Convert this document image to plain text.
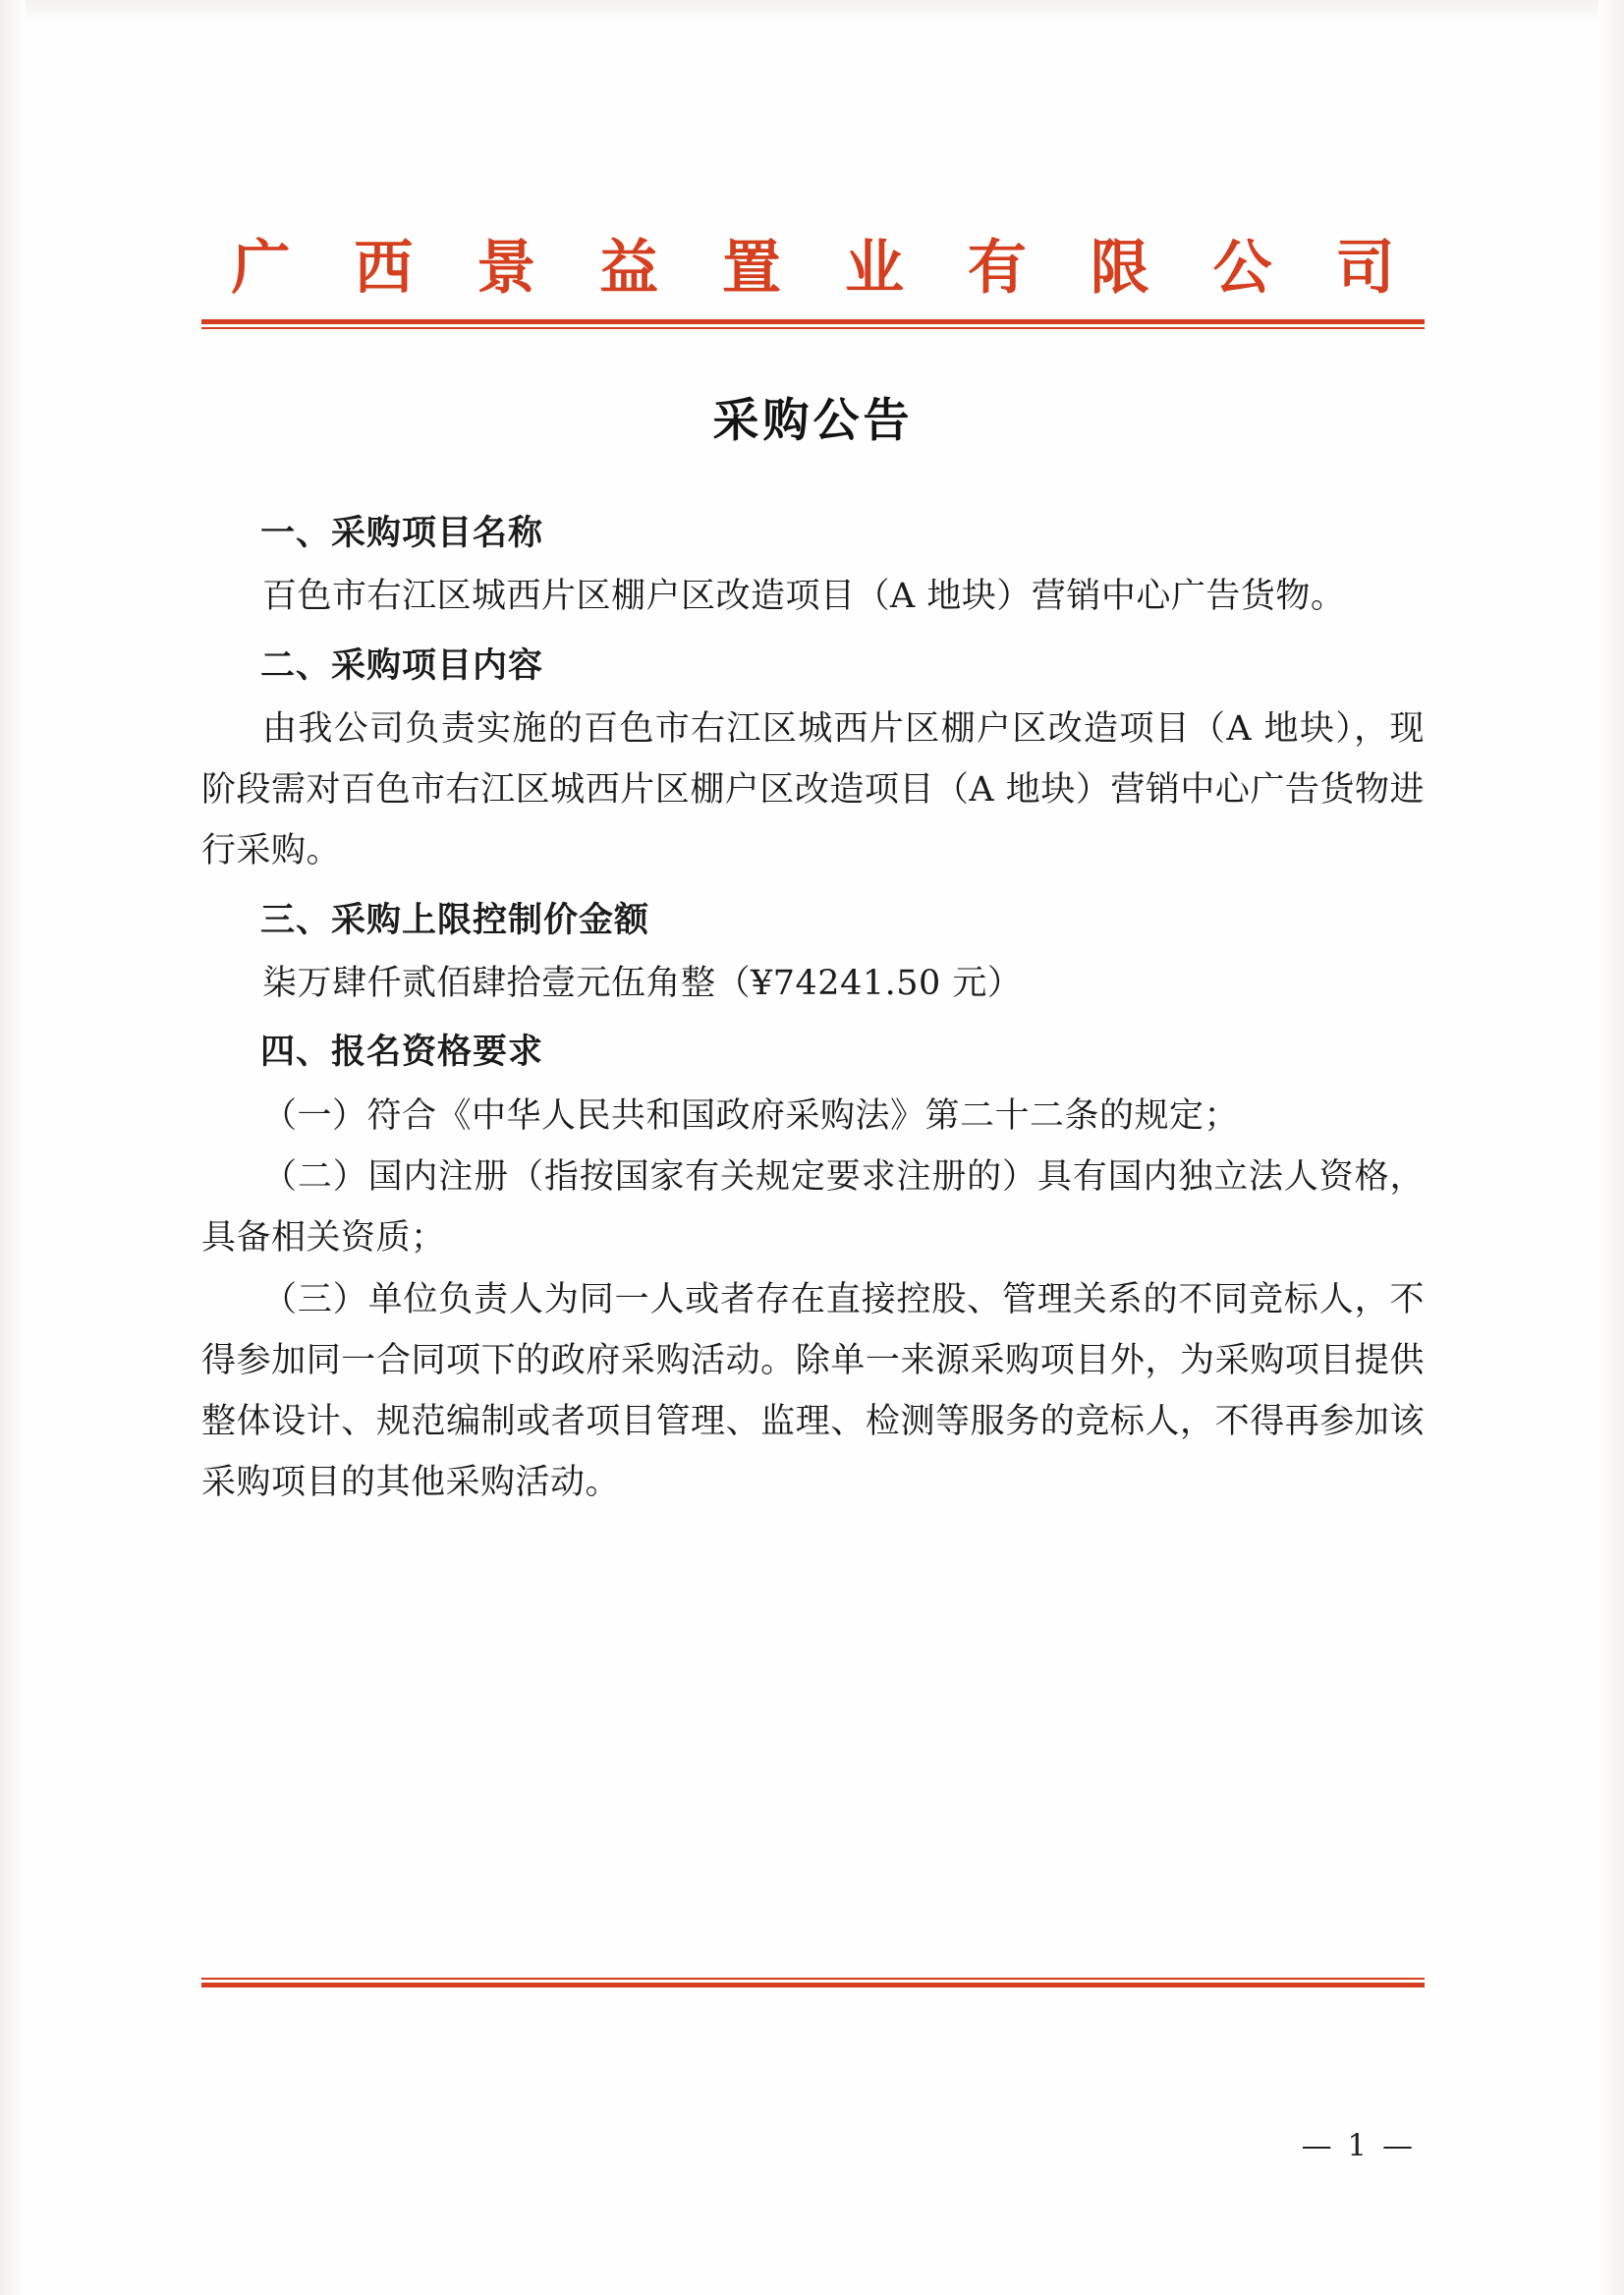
广 西 景 益 置 业 有 限 公 司
采购公告
一、采购项目名称
百色市右江区城西片区棚户区改造项目（A 地块）营销中心广告货物。
二、采购项目内容
由我公司负责实施的百色市右江区城西片区棚户区改造项目（A 地块），现阶段需对百色市右江区城西片区棚户区改造项目（A 地块）营销中心广告货物进行采购。
三、采购上限控制价金额
柒万肆仟贰佰肆拾壹元伍角整（¥74241.50 元）
四、报名资格要求
（一）符合《中华人民共和国政府采购法》第二十二条的规定；
（二）国内注册（指按国家有关规定要求注册的）具有国内独立法人资格，具备相关资质；
（三）单位负责人为同一人或者存在直接控股、管理关系的不同竞标人，不得参加同一合同项下的政府采购活动。除单一来源采购项目外，为采购项目提供整体设计、规范编制或者项目管理、监理、检测等服务的竞标人，不得再参加该采购项目的其他采购活动。
— 1 —
